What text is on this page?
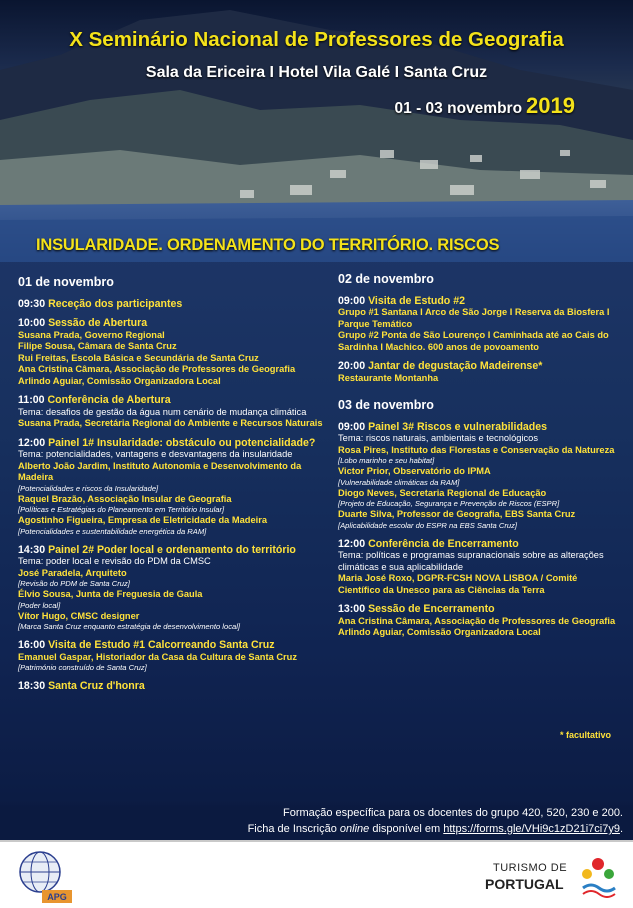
X Seminário Nacional de Professores de Geografia
Sala da Ericeira I Hotel Vila Galé I Santa Cruz
01 - 03 novembro 2019
INSULARIDADE. ORDENAMENTO DO TERRITÓRIO. RISCOS
01 de novembro
09:30 Receção dos participantes
10:00 Sessão de Abertura
Susana Prada, Governo Regional
Filipe Sousa, Câmara de Santa Cruz
Rui Freitas, Escola Básica e Secundária de Santa Cruz
Ana Cristina Câmara, Associação de Professores de Geografia
Arlindo Aguiar, Comissão Organizadora Local
11:00 Conferência de Abertura
Tema: desafios de gestão da água num cenário de mudança climática
Susana Prada, Secretária Regional do Ambiente e Recursos Naturais
12:00 Painel 1# Insularidade: obstáculo ou potencialidade?
Tema: potencialidades, vantagens e desvantagens da insularidade
Alberto João Jardim, Instituto Autonomia e Desenvolvimento da Madeira
[Potencialidades e riscos da Insularidade]
Raquel Brazão, Associação Insular de Geografia
[Políticas e Estratégias do Planeamento em Território Insular]
Agostinho Figueira, Empresa de Eletricidade da Madeira
[Potencialidades e sustentabilidade energética da RAM]
14:30 Painel 2# Poder local e ordenamento do território
Tema: poder local e revisão do PDM da CMSC
José Paradela, Arquiteto
[Revisão do PDM de Santa Cruz]
Élvio Sousa, Junta de Freguesia de Gaula
[Poder local]
Vítor Hugo, CMSC designer
[Marca Santa Cruz enquanto estratégia de desenvolvimento local]
16:00 Visita de Estudo #1 Calcorreando Santa Cruz
Emanuel Gaspar, Historiador da Casa da Cultura de Santa Cruz
[Património construído de Santa Cruz]
18:30 Santa Cruz d'honra
02 de novembro
09:00 Visita de Estudo #2
Grupo #1 Santana I Arco de São Jorge I Reserva da Biosfera I Parque Temático
Grupo #2 Ponta de São Lourenço I Caminhada até ao Cais do Sardinha I Machico. 600 anos de povoamento
20:00 Jantar de degustação Madeirense*
Restaurante Montanha
03 de novembro
09:00 Painel 3# Riscos e vulnerabilidades
Tema: riscos naturais, ambientais e tecnológicos
Rosa Pires, Instituto das Florestas e Conservação da Natureza
[Lobo marinho e seu habitat]
Victor Prior, Observatório do IPMA
[Vulnerabilidade climáticas da RAM]
Diogo Neves, Secretaria Regional de Educação
[Projeto de Educação, Segurança e Prevenção de Riscos (ESPR]
Duarte Silva, Professor de Geografia, EBS Santa Cruz
[Aplicabilidade escolar do ESPR na EBS Santa Cruz]
12:00 Conferência de Encerramento
Tema: políticas e programas supranacionais sobre as alterações climáticas e sua aplicabilidade
Maria José Roxo, DGPR-FCSH NOVA LISBOA / Comité Científico da Unesco para as Ciências da Terra
13:00 Sessão de Encerramento
Ana Cristina Câmara, Associação de Professores de Geografia
Arlindo Aguiar, Comissão Organizadora Local
* facultativo
Formação específica para os docentes do grupo 420, 520, 230 e 200.
Ficha de Inscrição online disponível em https://forms.gle/VHi9c1zD21i7ci7y9.
APG
TURISMO DE
PORTUGAL
